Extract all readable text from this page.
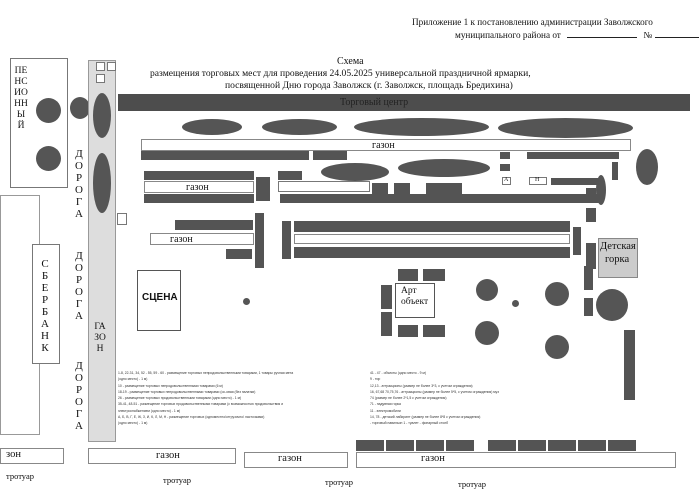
Приложение 1 к постановлению администрации Заволжского
муниципального района от	№
Схема
размещения торговых мест для проведения 24.05.2025 универсальной праздничной ярмарки,
посвященной Дню города Заволжск (г. Заволжск, площадь Бредихина)
ПЕНСИОННЫЙ
СБЕРБАНК
ДОРОГА
ДОРОГА
ДОРОГА
ГАЗОН
Торговый центр
газон
газон
А	Н
газон
Детская
горка
СЦЕНА
Арт объект
1-8, 22-31, 34, 52 - 55, 59 - 60 - размещение торговых непродовольственными товарами, 1 товары ручная мета
(одно место) - 1 м)
10 - размещение торговых непродовольственными товарами (6 м)
18-19 - размещение торговых непродовольственными товарами (ос-овая (без палатки)
26 - размещение торговых продовольственными товарами (одно место) - 1 м)
35-41, 48-51 - размещение торговых продовольственными товарами (с возможностью продовольствия и
электроснабжением (одно место) - 1 м)
А, Б, В, Г, Е, Ж, З, И, К, Л, М, Н - размещение торговых (одноместно/отгрузочно/ ласточками)
(одно место) - 1 м)
41 - 47 - объекты (одно место - 9 м)
9 - тир
12,13 - аттракционы (размер не более 3*3, с учетом ограждения)
16, 67,68 70,75,76 - аттракционы (размер не более 5*5, с учетом ограждения) муз
74 (размер не более 2*1,5 с учетом ограждения)
71 - надувная горка
11 - электромобили
14, 78 - детский лабиринт (размер не более 8*8 с учетом ограждения)
- торговый павильон 1 - туалет - фонарный столб
зон	газон	газон	газон
тротуар	тротуар	тротуар	тротуар
